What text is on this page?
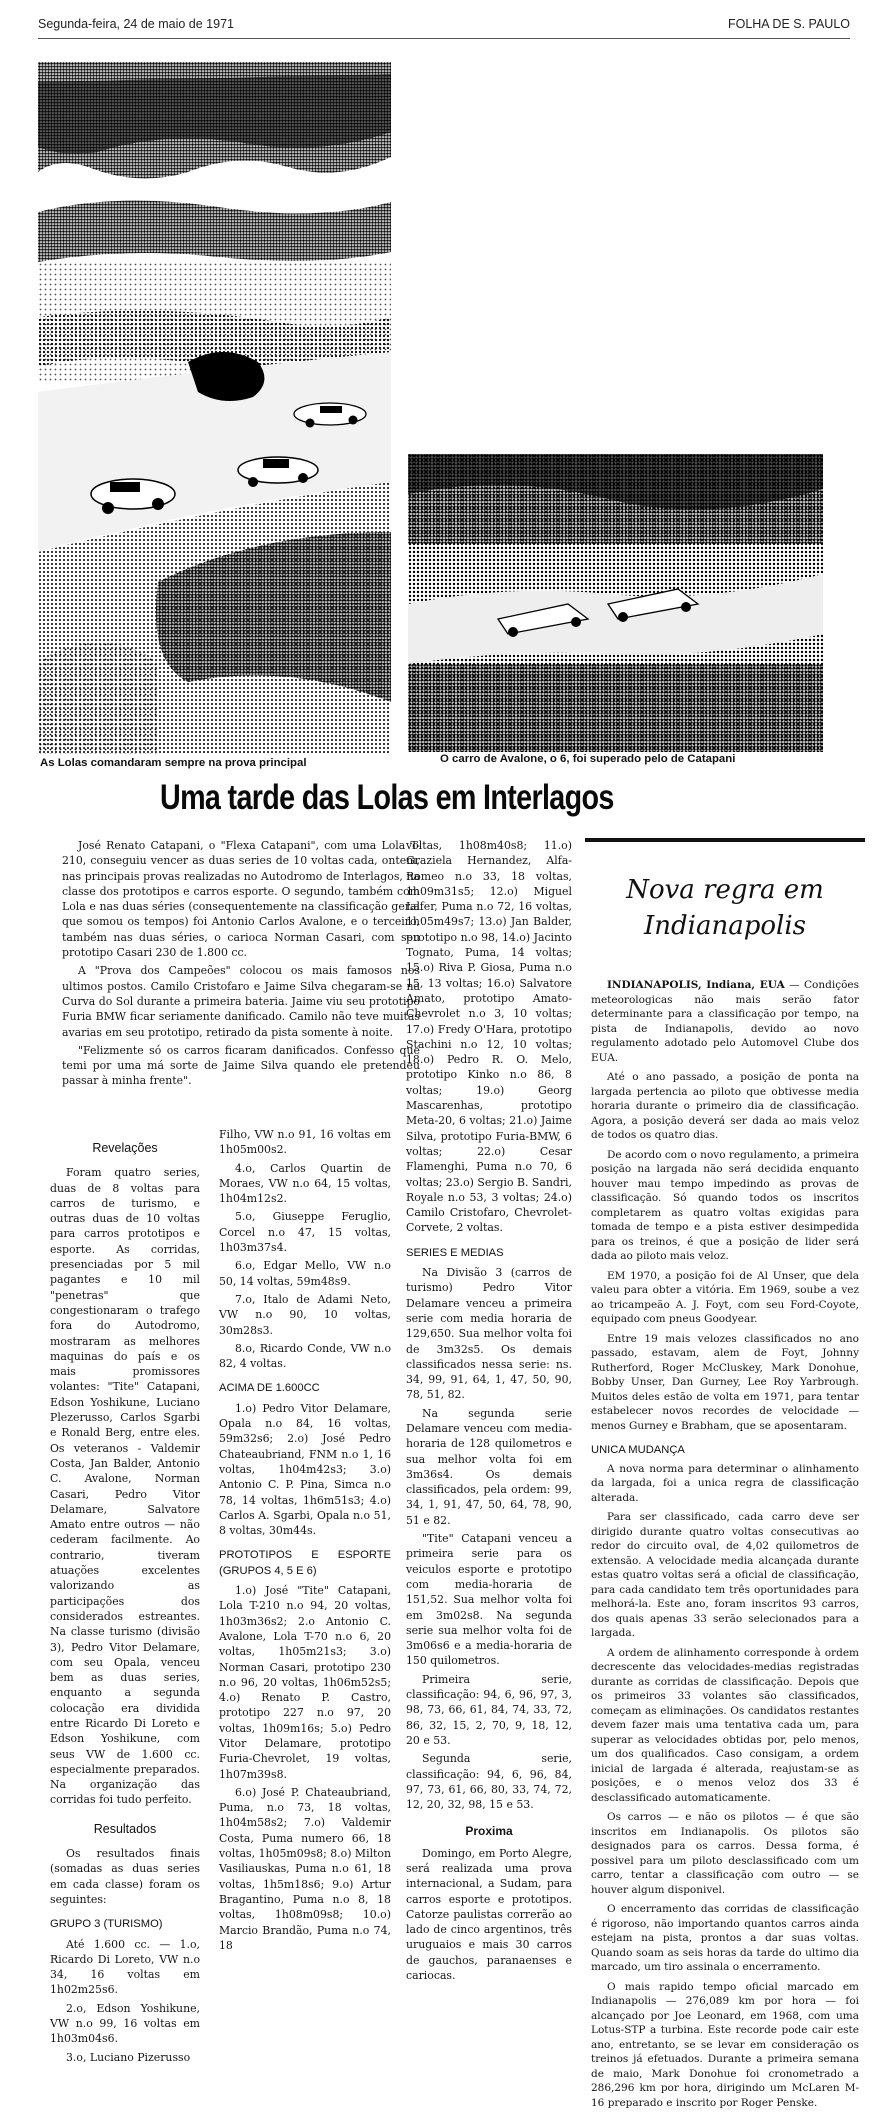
Segunda-feira, 24 de maio de 1971	FOLHA DE S. PAULO
As Lolas comandaram sempre na prova principal	O carro de Avalone, o 6, foi superado pelo de Catapani
Uma tarde das Lolas em Interlagos

José Renato Catapani, o "Flexa Catapani", com uma Lola T-210, conseguiu vencer as duas series de 10 voltas cada, ontem, nas principais provas realizadas no Autodromo de Interlagos, na classe dos prototipos e carros esporte. O segundo, também com Lola e nas duas séries (consequentemente na classificação geral que somou os tempos) foi Antonio Carlos Avalone, e o terceiro, também nas duas séries, o carioca Norman Casari, com seu prototipo Casari 230 de 1.800 cc.

A "Prova dos Campeões" colocou os mais famosos nos ultimos postos. Camilo Cristofaro e Jaime Silva chegaram-se na Curva do Sol durante a primeira bateria. Jaime viu seu prototipo Furia BMW ficar seriamente danificado. Camilo não teve muitas avarias em seu prototipo, retirado da pista somente à noite.

"Felizmente só os carros ficaram danificados. Confesso que temi por uma má sorte de Jaime Silva quando ele pretendeu passar à minha frente".

Revelações

Foram quatro series, duas de 8 voltas para carros de turismo, e outras duas de 10 voltas para carros prototipos e esporte. As corridas, presenciadas por 5 mil pagantes e 10 mil "penetras" que congestionaram o trafego fora do Autodromo, mostraram as melhores maquinas do país e os mais promissores volantes: "Tite" Catapani, Edson Yoshikune, Luciano Plezerusso, Carlos Sgarbi e Ronald Berg, entre eles. Os veteranos - Valdemir Costa, Jan Balder, Antonio C. Avalone, Norman Casari, Pedro Vitor Delamare, Salvatore Amato entre outros — não cederam facilmente. Ao contrario, tiveram atuações excelentes valorizando as participações dos considerados estreantes. Na classe turismo (divisão 3), Pedro Vitor Delamare, com seu Opala, venceu bem as duas series, enquanto a segunda colocação era dividida entre Ricardo Di Loreto e Edson Yoshikune, com seus VW de 1.600 cc. especialmente preparados. Na organização das corridas foi tudo perfeito.

Resultados

Os resultados finais (somadas as duas series em cada classe) foram os seguintes:

GRUPO 3 (TURISMO)

Até 1.600 cc. — 1.o, Ricardo Di Loreto, VW n.o 34, 16 voltas em 1h02m25s6.

2.o, Edson Yoshikune, VW n.o 99, 16 voltas em 1h03m04s6.

3.o, Luciano Pizerusso

Filho, VW n.o 91, 16 voltas em 1h05m00s2.

4.o, Carlos Quartin de Moraes, VW n.o 64, 15 voltas, 1h04m12s2.

5.o, Giuseppe Feruglio, Corcel n.o 47, 15 voltas, 1h03m37s4.

6.o, Edgar Mello, VW n.o 50, 14 voltas, 59m48s9.

7.o, Italo de Adami Neto, VW n.o 90, 10 voltas, 30m28s3.

8.o, Ricardo Conde, VW n.o 82, 4 voltas.

ACIMA DE 1.600CC

1.o) Pedro Vitor Delamare, Opala n.o 84, 16 voltas, 59m32s6; 2.o) José Pedro Chateaubriand, FNM n.o 1, 16 voltas, 1h04m42s3; 3.o) Antonio C. P. Pina, Simca n.o 78, 14 voltas, 1h6m51s3; 4.o) Carlos A. Sgarbi, Opala n.o 51, 8 voltas, 30m44s.

PROTOTIPOS E ESPORTE (GRUPOS 4, 5 E 6)

1.o) José "Tite" Catapani, Lola T-210 n.o 94, 20 voltas, 1h03m36s2; 2.o Antonio C. Avalone, Lola T-70 n.o 6, 20 voltas, 1h05m21s3; 3.o) Norman Casari, prototipo 230 n.o 96, 20 voltas, 1h06m52s5; 4.o) Renato P. Castro, prototipo 227 n.o 97, 20 voltas, 1h09m16s; 5.o) Pedro Vitor Delamare, prototipo Furia-Chevrolet, 19 voltas, 1h07m39s8.

6.o) José P. Chateaubriand, Puma, n.o 73, 18 voltas, 1h04m58s2; 7.o) Valdemir Costa, Puma numero 66, 18 voltas, 1h05m09s8; 8.o) Milton Vasiliauskas, Puma n.o 61, 18 voltas, 1h5m18s6; 9.o) Artur Bragantino, Puma n.o 8, 18 voltas, 1h08m09s8; 10.o) Marcio Brandão, Puma n.o 74, 18

voltas, 1h08m40s8; 11.o) Graziela Hernandez, Alfa-Romeo n.o 33, 18 voltas, 1h09m31s5; 12.o) Miguel Lafer, Puma n.o 72, 16 voltas, 1h05m49s7; 13.o) Jan Balder, prototipo n.o 98, 14.o) Jacinto Tognato, Puma, 14 voltas; 15.o) Riva P. Giosa, Puma n.o 15, 13 voltas; 16.o) Salvatore Amato, prototipo Amato-Chevrolet n.o 3, 10 voltas; 17.o) Fredy O'Hara, prototipo Stachini n.o 12, 10 voltas; 18.o) Pedro R. O. Melo, prototipo Kinko n.o 86, 8 voltas; 19.o) Georg Mascarenhas, prototipo Meta-20, 6 voltas; 21.o) Jaime Silva, prototipo Furia-BMW, 6 voltas; 22.o) Cesar Flamenghi, Puma n.o 70, 6 voltas; 23.o) Sergio B. Sandri, Royale n.o 53, 3 voltas; 24.o) Camilo Cristofaro, Chevrolet-Corvete, 2 voltas.

SERIES E MEDIAS

Na Divisão 3 (carros de turismo) Pedro Vitor Delamare venceu a primeira serie com media horaria de 129,650. Sua melhor volta foi de 3m32s5. Os demais classificados nessa serie: ns. 34, 99, 91, 64, 1, 47, 50, 90, 78, 51, 82.

Na segunda serie Delamare venceu com media-horaria de 128 quilometros e sua melhor volta foi em 3m36s4. Os demais classificados, pela ordem: 99, 34, 1, 91, 47, 50, 64, 78, 90, 51 e 82.

"Tite" Catapani venceu a primeira serie para os veiculos esporte e prototipo com media-horaria de 151,52. Sua melhor volta foi em 3m02s8. Na segunda serie sua melhor volta foi de 3m06s6 e a media-horaria de 150 quilometros.

Primeira serie, classificação: 94, 6, 96, 97, 3, 98, 73, 66, 61, 84, 74, 33, 72, 86, 32, 15, 2, 70, 9, 18, 12, 20 e 53.

Segunda serie, classificação: 94, 6, 96, 84, 97, 73, 61, 66, 80, 33, 74, 72, 12, 20, 32, 98, 15 e 53.

Proxima

Domingo, em Porto Alegre, será realizada uma prova internacional, a Sudam, para carros esporte e prototipos. Catorze paulistas correrão ao lado de cinco argentinos, três uruguaios e mais 30 carros de gauchos, paranaenses e cariocas.

Nova regra em Indianapolis

INDIANAPOLIS, Indiana, EUA — Condições meteorologicas não mais serão fator determinante para a classificação por tempo, na pista de Indianapolis, devido ao novo regulamento adotado pelo Automovel Clube dos EUA.

Até o ano passado, a posição de ponta na largada pertencia ao piloto que obtivesse media horaria durante o primeiro dia de classificação. Agora, a posição deverá ser dada ao mais veloz de todos os quatro dias.

De acordo com o novo regulamento, a primeira posição na largada não será decidida enquanto houver mau tempo impedindo as provas de classificação. Só quando todos os inscritos completarem as quatro voltas exigidas para tomada de tempo e a pista estiver desimpedida para os treinos, é que a posição de lider será dada ao piloto mais veloz.

EM 1970, a posição foi de Al Unser, que dela valeu para obter a vitória. Em 1969, soube a vez ao tricampeão A. J. Foyt, com seu Ford-Coyote, equipado com pneus Goodyear.

Entre 19 mais velozes classificados no ano passado, estavam, alem de Foyt, Johnny Rutherford, Roger McCluskey, Mark Donohue, Bobby Unser, Dan Gurney, Lee Roy Yarbrough. Muitos deles estão de volta em 1971, para tentar estabelecer novos recordes de velocidade — menos Gurney e Brabham, que se aposentaram.

UNICA MUDANÇA

A nova norma para determinar o alinhamento da largada, foi a unica regra de classificação alterada.

Para ser classificado, cada carro deve ser dirigido durante quatro voltas consecutivas ao redor do circuito oval, de 4,02 quilometros de extensão. A velocidade media alcançada durante estas quatro voltas será a oficial de classificação, para cada candidato tem três oportunidades para melhorá-la. Este ano, foram inscritos 93 carros, dos quais apenas 33 serão selecionados para a largada.

A ordem de alinhamento corresponde à ordem decrescente das velocidades-medias registradas durante as corridas de classificação. Depois que os primeiros 33 volantes são classificados, começam as eliminações. Os candidatos restantes devem fazer mais uma tentativa cada um, para superar as velocidades obtidas por, pelo menos, um dos qualificados. Caso consigam, a ordem inicial de largada é alterada, reajustam-se as posições, e o menos veloz dos 33 é desclassificado automaticamente.

Os carros — e não os pilotos — é que são inscritos em Indianapolis. Os pilotos são designados para os carros. Dessa forma, é possivel para um piloto desclassificado com um carro, tentar a classificação com outro — se houver algum disponivel.

O encerramento das corridas de classificação é rigoroso, não importando quantos carros ainda estejam na pista, prontos a dar suas voltas. Quando soam as seis horas da tarde do ultimo dia marcado, um tiro assinala o encerramento.

O mais rapido tempo oficial marcado em Indianapolis — 276,089 km por hora — foi alcançado por Joe Leonard, em 1968, com uma Lotus-STP a turbina. Este recorde pode cair este ano, entretanto, se se levar em consideração os treinos já efetuados. Durante a primeira semana de maio, Mark Donohue foi cronometrado a 286,296 km por hora, dirigindo um McLaren M-16 preparado e inscrito por Roger Penske.
